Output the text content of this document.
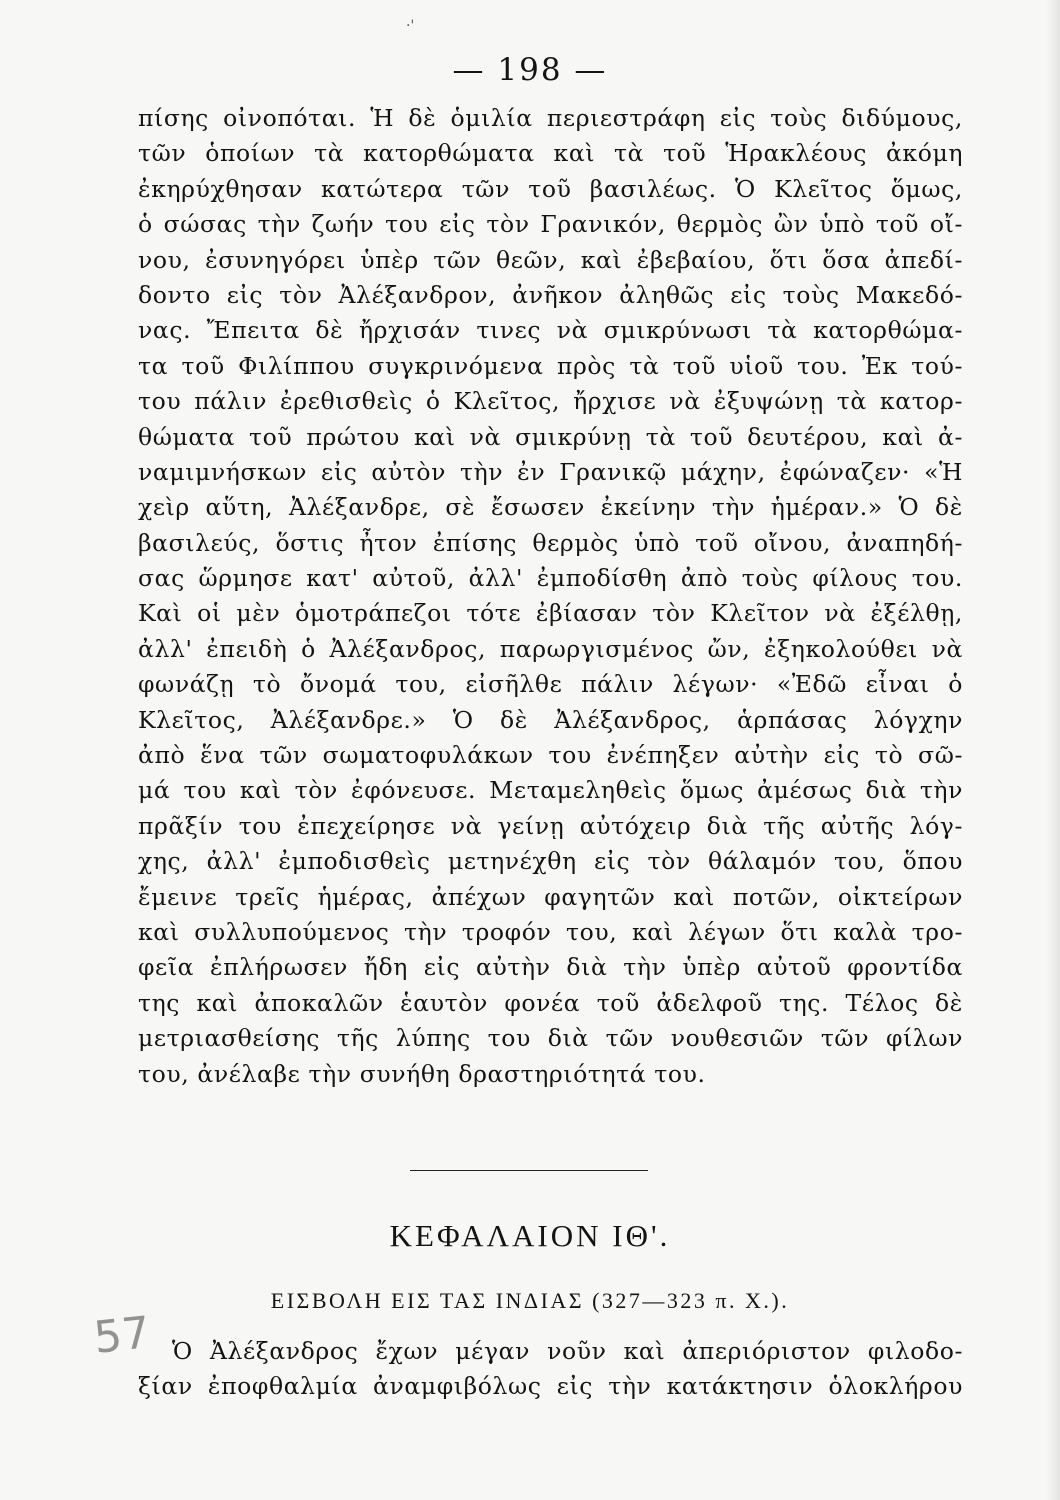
·'
— 198 —
πίσης οἰνοπόται. Ἡ δὲ ὁμιλία περιεστράφη εἰς τοὺς διδύμους,
τῶν ὁποίων τὰ κατορθώματα καὶ τὰ τοῦ Ἡρακλέους ἀκόμη
ἐκηρύχθησαν κατώτερα τῶν τοῦ βασιλέως. Ὁ Κλεῖτος ὅμως,
ὁ σώσας τὴν ζωήν του εἰς τὸν Γρανικόν, θερμὸς ὢν ὑπὸ τοῦ οἴ-
νου, ἐσυνηγόρει ὑπὲρ τῶν θεῶν, καὶ ἐβεβαίου, ὅτι ὅσα ἀπεδί-
δοντο εἰς τὸν Ἀλέξανδρον, ἀνῆκον ἀληθῶς εἰς τοὺς Μακεδό-
νας. Ἔπειτα δὲ ἤρχισάν τινες νὰ σμικρύνωσι τὰ κατορθώμα-
τα τοῦ Φιλίππου συγκρινόμενα πρὸς τὰ τοῦ υἱοῦ του. Ἐκ τού-
του πάλιν ἐρεθισθεὶς ὁ Κλεῖτος, ἤρχισε νὰ ἐξυψώνῃ τὰ κατορ-
θώματα τοῦ πρώτου καὶ νὰ σμικρύνῃ τὰ τοῦ δευτέρου, καὶ ἀ-
ναμιμνήσκων εἰς αὐτὸν τὴν ἐν Γρανικῷ μάχην, ἐφώναζεν· «Ἡ
χεὶρ αὕτη, Ἀλέξανδρε, σὲ ἔσωσεν ἐκείνην τὴν ἡμέραν.» Ὁ δὲ
βασιλεύς, ὅστις ἦτον ἐπίσης θερμὸς ὑπὸ τοῦ οἴνου, ἀναπηδή-
σας ὥρμησε κατ' αὐτοῦ, ἀλλ' ἐμποδίσθη ἀπὸ τοὺς φίλους του.
Καὶ οἱ μὲν ὁμοτράπεζοι τότε ἐβίασαν τὸν Κλεῖτον νὰ ἐξέλθῃ,
ἀλλ' ἐπειδὴ ὁ Ἀλέξανδρος, παρωργισμένος ὤν, ἐξηκολούθει νὰ
φωνάζῃ τὸ ὄνομά του, εἰσῆλθε πάλιν λέγων· «Ἐδῶ εἶναι ὁ
Κλεῖτος, Ἀλέξανδρε.» Ὁ δὲ Ἀλέξανδρος, ἁρπάσας λόγχην
ἀπὸ ἕνα τῶν σωματοφυλάκων του ἐνέπηξεν αὐτὴν εἰς τὸ σῶ-
μά του καὶ τὸν ἐφόνευσε. Μεταμεληθεὶς ὅμως ἀμέσως διὰ τὴν
πρᾶξίν του ἐπεχείρησε νὰ γείνῃ αὐτόχειρ διὰ τῆς αὐτῆς λόγ-
χης, ἀλλ' ἐμποδισθεὶς μετηνέχθη εἰς τὸν θάλαμόν του, ὅπου
ἔμεινε τρεῖς ἡμέρας, ἀπέχων φαγητῶν καὶ ποτῶν, οἰκτείρων
καὶ συλλυπούμενος τὴν τροφόν του, καὶ λέγων ὅτι καλὰ τρο-
φεῖα ἐπλήρωσεν ἤδη εἰς αὐτὴν διὰ τὴν ὑπὲρ αὐτοῦ φροντίδα
της καὶ ἀποκαλῶν ἑαυτὸν φονέα τοῦ ἀδελφοῦ της. Τέλος δὲ
μετριασθείσης τῆς λύπης του διὰ τῶν νουθεσιῶν τῶν φίλων
του, ἀνέλαβε τὴν συνήθη δραστηριότητά του.
ΚΕΦΑΛΑΙΟΝ ΙΘ'.
ΕΙΣΒΟΛΗ ΕΙΣ ΤΑΣ ΙΝΔΙΑΣ (327—323 π. Χ.).
57 Ὁ Ἀλέξανδρος ἔχων μέγαν νοῦν καὶ ἀπεριόριστον φιλοδο-
ξίαν ἐποφθαλμία ἀναμφιβόλως εἰς τὴν κατάκτησιν ὁλοκλήρου
